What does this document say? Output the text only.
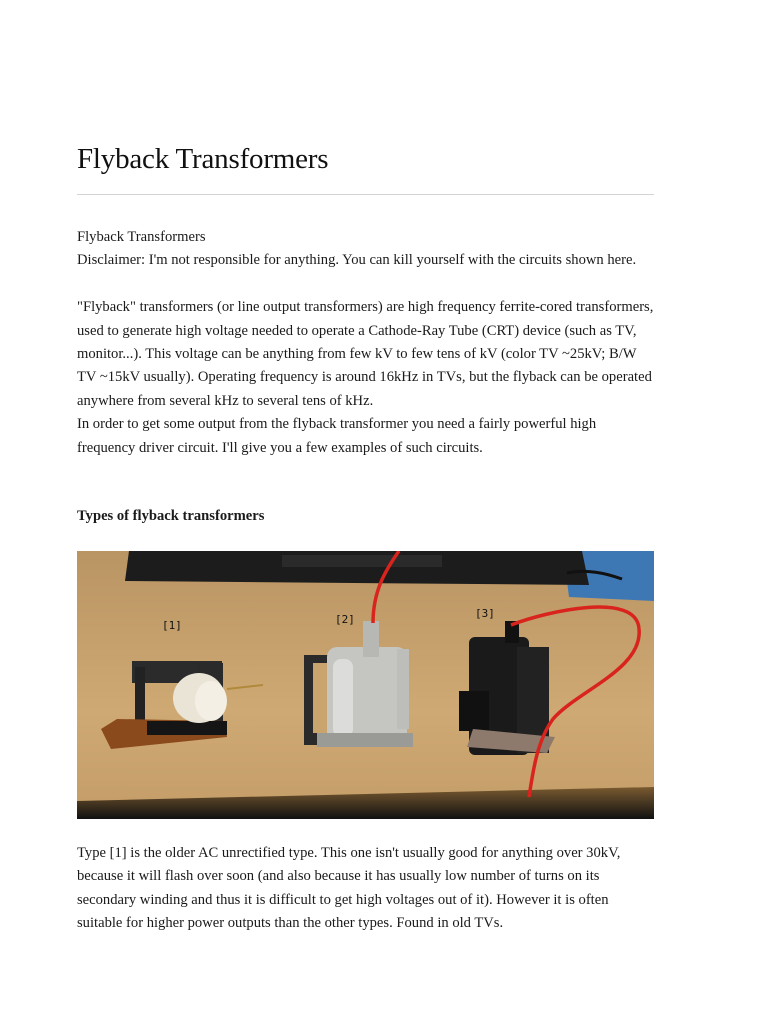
Flyback Transformers

Flyback Transformers

Disclaimer: I'm not responsible for anything. You can kill yourself with the circuits shown here.

"Flyback" transformers (or line output transformers) are high frequency ferrite-cored transformers, used to generate high voltage needed to operate a Cathode-Ray Tube (CRT) device (such as TV, monitor...). This voltage can be anything from few kV to few tens of kV (color TV ~25kV; B/W TV ~15kV usually). Operating frequency is around 16kHz in TVs, but the flyback can be operated anywhere from several kHz to several tens of kHz.

In order to get some output from the flyback transformer you need a fairly powerful high frequency driver circuit. I'll give you a few examples of such circuits.

Types of flyback transformers
[1]	[2]	[3]

Type [1] is the older AC unrectified type. This one isn't usually good for anything over 30kV, because it will flash over soon (and also because it has usually low number of turns on its secondary winding and thus it is difficult to get high voltages out of it). However it is often suitable for higher power outputs than the other types. Found in old TVs.
